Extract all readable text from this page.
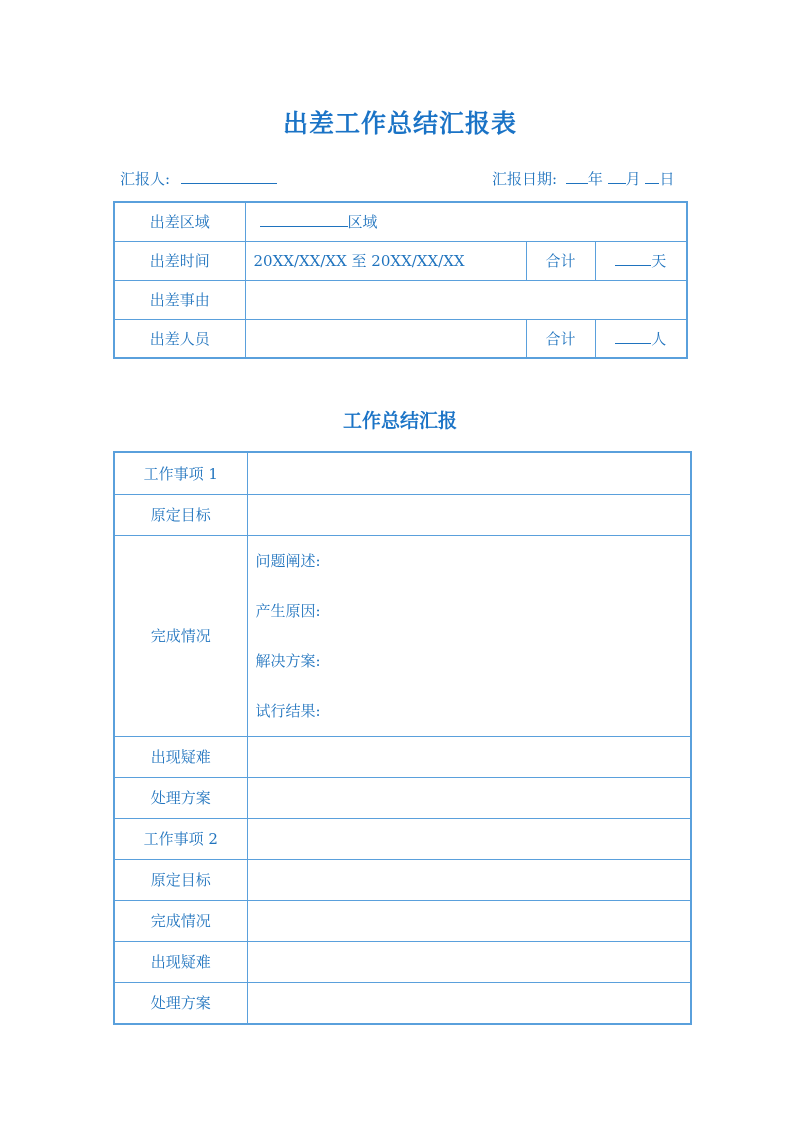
出差工作总结汇报表
汇报人:	汇报日期: 年 月 日
出差区域	区域		
出差时间	20XX/XX/XX 至 20XX/XX/XX	合计	天
出差事由			
出差人员		合计	人
工作总结汇报
工作事项 1	
原定目标	
完成情况	问题阐述:
产生原因:
解决方案:
试行结果:

出现疑难	
处理方案	
工作事项 2	
原定目标	
完成情况	
出现疑难	
处理方案	
